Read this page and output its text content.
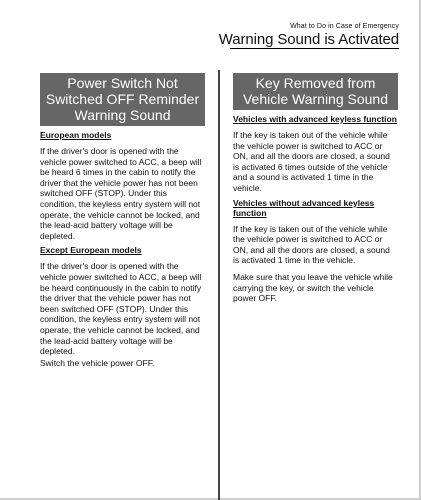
What to Do in Case of Emergency
Warning Sound is Activated
Power Switch Not Switched OFF Reminder Warning Sound
European models
If the driver's door is opened with the vehicle power switched to ACC, a beep will be heard 6 times in the cabin to notify the driver that the vehicle power has not been switched OFF (STOP). Under this condition, the keyless entry system will not operate, the vehicle cannot be locked, and the lead-acid battery voltage will be depleted.
Except European models
If the driver's door is opened with the vehicle power switched to ACC, a beep will be heard continuously in the cabin to notify the driver that the vehicle power has not been switched OFF (STOP). Under this condition, the keyless entry system will not operate, the vehicle cannot be locked, and the lead-acid battery voltage will be depleted.
Switch the vehicle power OFF.
Key Removed from Vehicle Warning Sound
Vehicles with advanced keyless function
If the key is taken out of the vehicle while the vehicle power is switched to ACC or ON, and all the doors are closed, a sound is activated 6 times outside of the vehicle and a sound is activated 1 time in the vehicle.
Vehicles without advanced keyless function
If the key is taken out of the vehicle while the vehicle power is switched to ACC or ON, and all the doors are closed, a sound is activated 1 time in the vehicle.
Make sure that you leave the vehicle while carrying the key, or switch the vehicle power OFF.
